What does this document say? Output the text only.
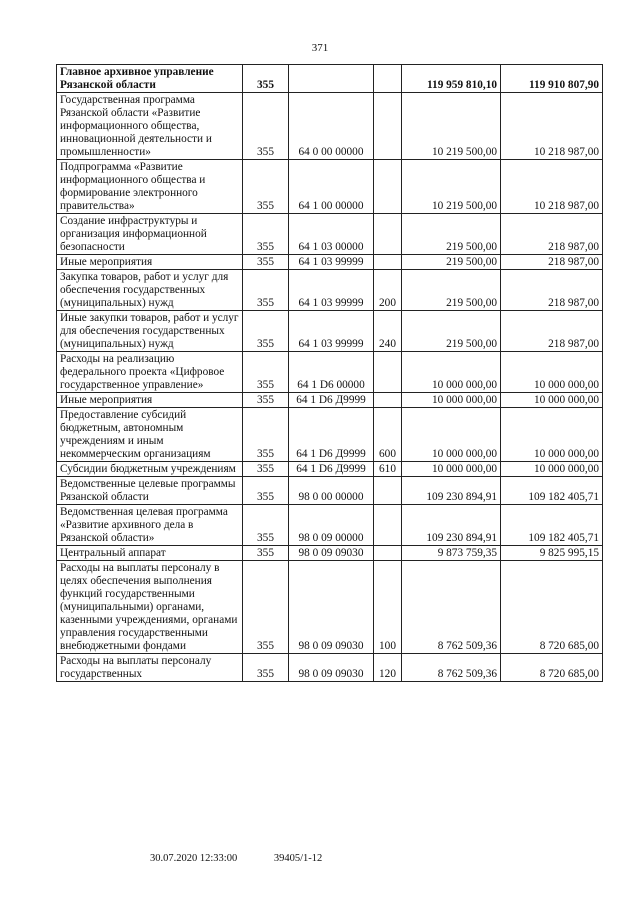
371
Главное архивное управление Рязанской области	355			119 959 810,10	119 910 807,90
Государственная программа Рязанской области «Развитие информационного общества, инновационной деятельности и промышленности»	355	64 0 00 00000		10 219 500,00	10 218 987,00
Подпрограмма «Развитие информационного общества и формирование электронного правительства»	355	64 1 00 00000		10 219 500,00	10 218 987,00
Создание инфраструктуры и организация информационной безопасности	355	64 1 03 00000		219 500,00	218 987,00
Иные мероприятия	355	64 1 03 99999		219 500,00	218 987,00
Закупка товаров, работ и услуг для обеспечения государственных (муниципальных) нужд	355	64 1 03 99999	200	219 500,00	218 987,00
Иные закупки товаров, работ и услуг для обеспечения государственных (муниципальных) нужд	355	64 1 03 99999	240	219 500,00	218 987,00
Расходы на реализацию федерального проекта «Цифровое государственное управление»	355	64 1 D6 00000		10 000 000,00	10 000 000,00
Иные мероприятия	355	64 1 D6 Д9999		10 000 000,00	10 000 000,00
Предоставление субсидий бюджетным, автономным учреждениям и иным некоммерческим организациям	355	64 1 D6 Д9999	600	10 000 000,00	10 000 000,00
Субсидии бюджетным учреждениям	355	64 1 D6 Д9999	610	10 000 000,00	10 000 000,00
Ведомственные целевые программы Рязанской области	355	98 0 00 00000		109 230 894,91	109 182 405,71
Ведомственная целевая программа «Развитие архивного дела в Рязанской области»	355	98 0 09 00000		109 230 894,91	109 182 405,71
Центральный аппарат	355	98 0 09 09030		9 873 759,35	9 825 995,15
Расходы на выплаты персоналу в целях обеспечения выполнения функций государственными (муниципальными) органами, казенными учреждениями, органами управления государственными внебюджетными фондами	355	98 0 09 09030	100	8 762 509,36	8 720 685,00
Расходы на выплаты персоналу государственных	355	98 0 09 09030	120	8 762 509,36	8 720 685,00
30.07.2020 12:33:00	39405/1-12
